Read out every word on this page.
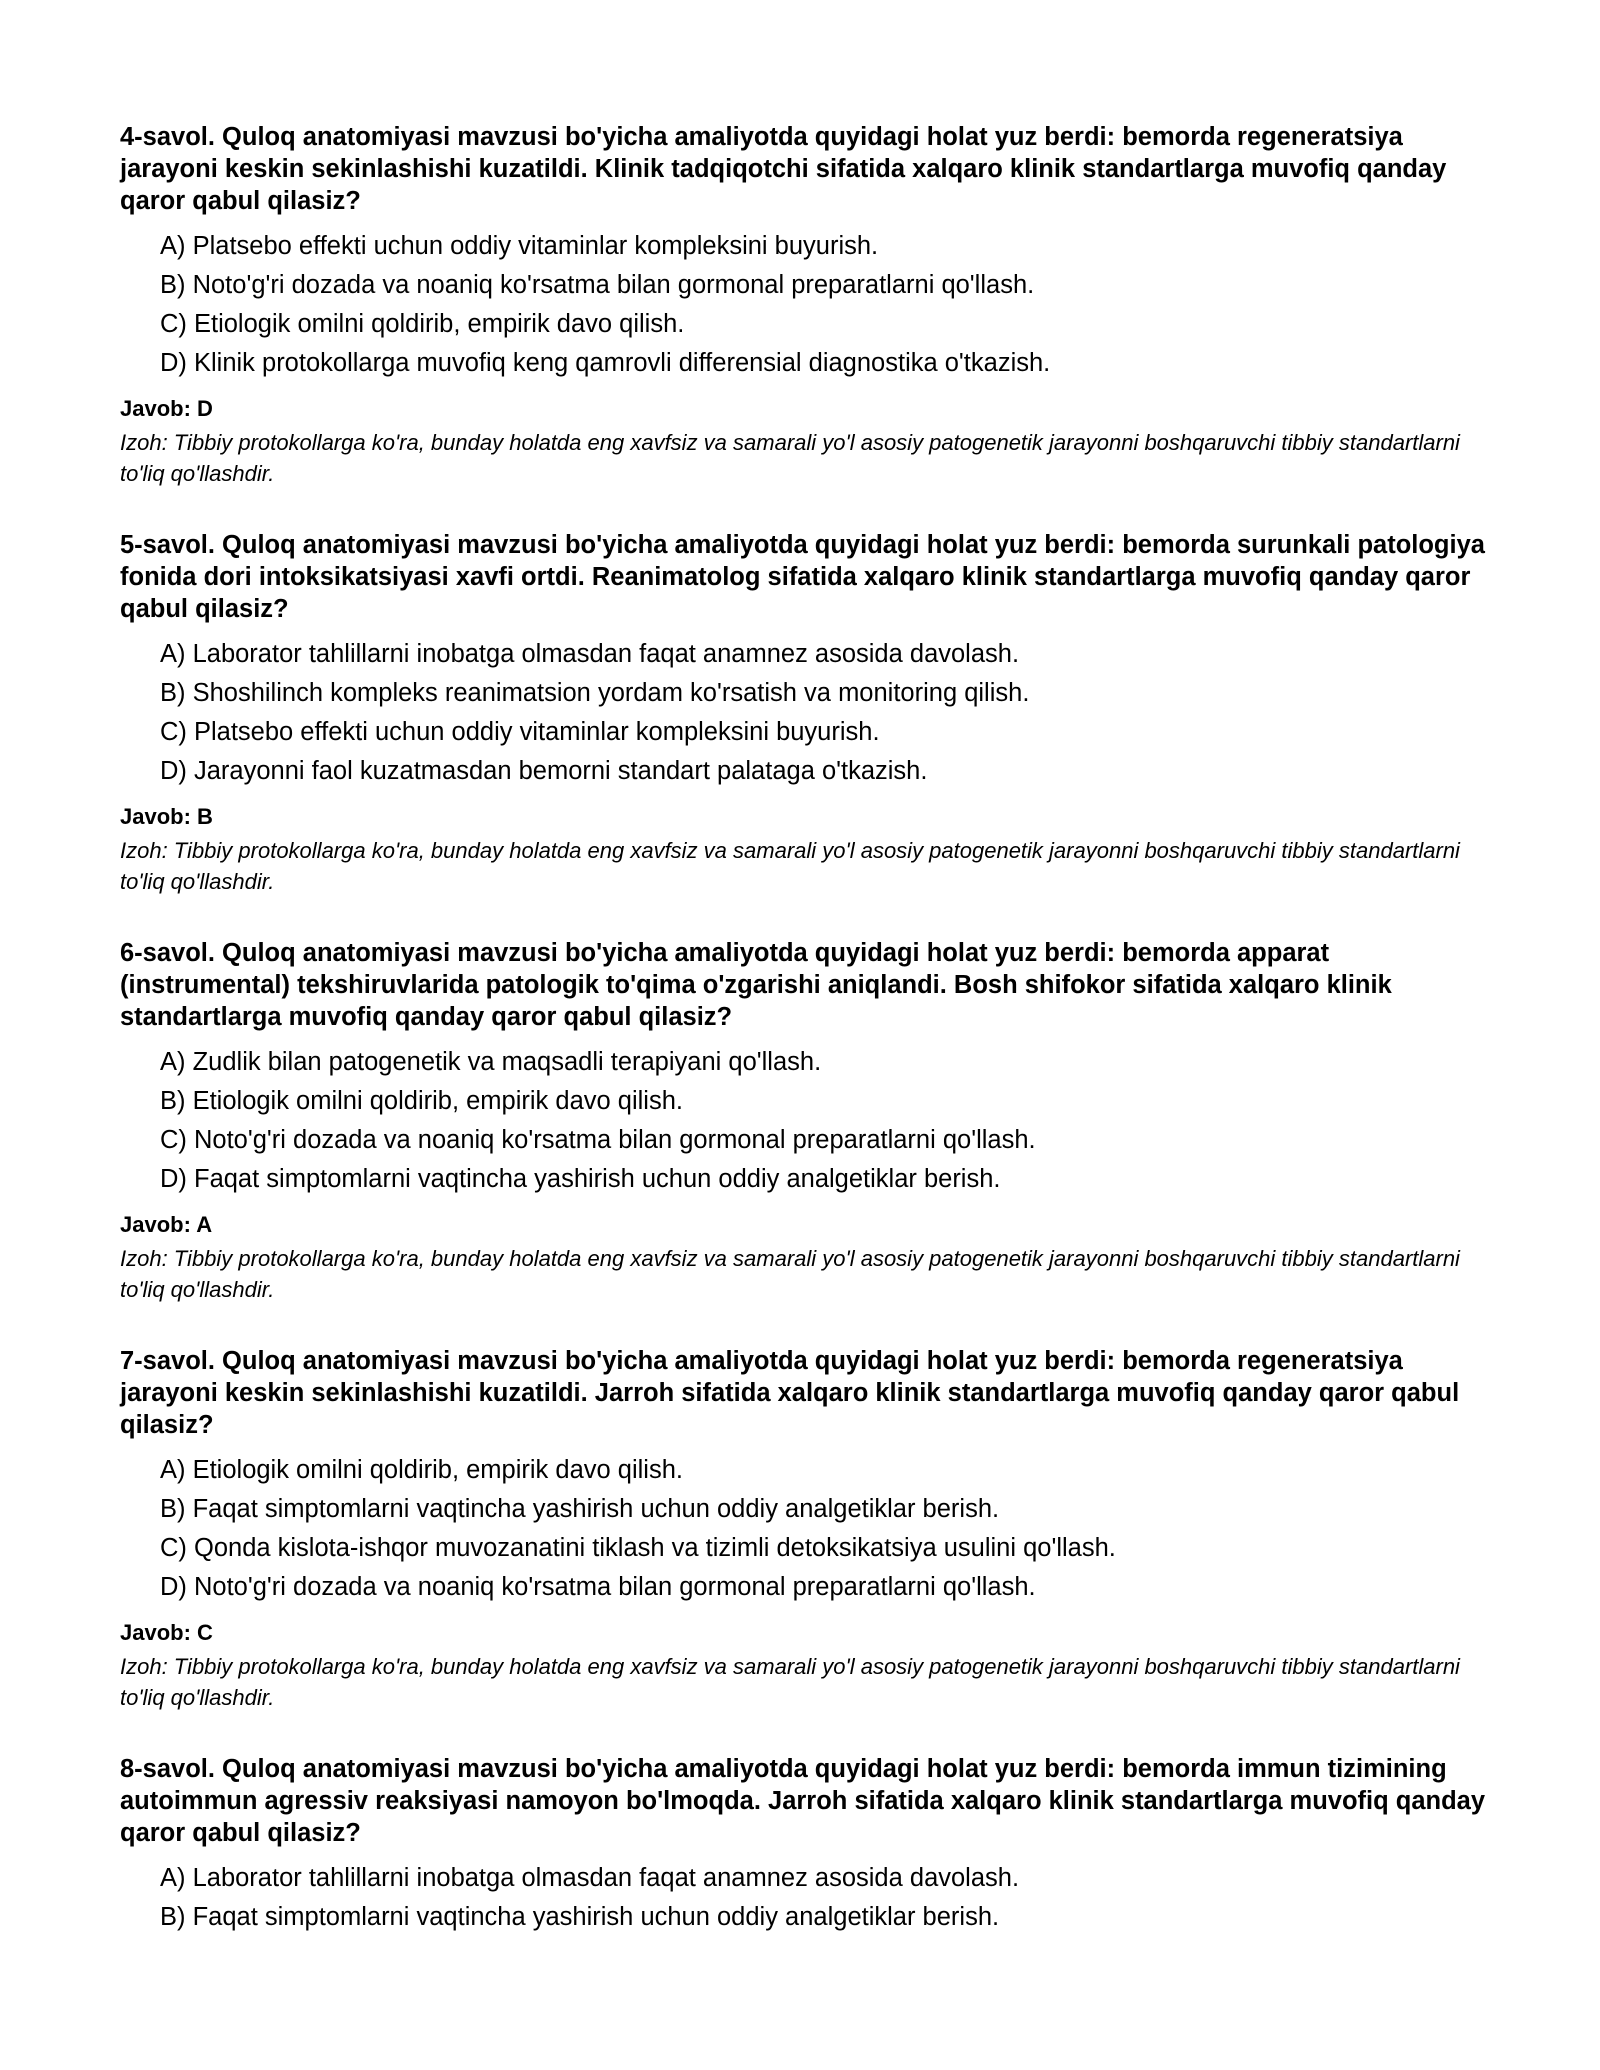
4-savol. Quloq anatomiyasi mavzusi bo'yicha amaliyotda quyidagi holat yuz berdi: bemorda regeneratsiya jarayoni keskin sekinlashishi kuzatildi. Klinik tadqiqotchi sifatida xalqaro klinik standartlarga muvofiq qanday qaror qabul qilasiz?

A) Platsebo effekti uchun oddiy vitaminlar kompleksini buyurish.
B) Noto'g'ri dozada va noaniq ko'rsatma bilan gormonal preparatlarni qo'llash.
C) Etiologik omilni qoldirib, empirik davo qilish.
D) Klinik protokollarga muvofiq keng qamrovli differensial diagnostika o'tkazish.

Javob: D

Izoh: Tibbiy protokollarga ko'ra, bunday holatda eng xavfsiz va samarali yo'l asosiy patogenetik jarayonni boshqaruvchi tibbiy standartlarni to'liq qo'llashdir.

5-savol. Quloq anatomiyasi mavzusi bo'yicha amaliyotda quyidagi holat yuz berdi: bemorda surunkali patologiya fonida dori intoksikatsiyasi xavfi ortdi. Reanimatolog sifatida xalqaro klinik standartlarga muvofiq qanday qaror qabul qilasiz?

A) Laborator tahlillarni inobatga olmasdan faqat anamnez asosida davolash.
B) Shoshilinch kompleks reanimatsion yordam ko'rsatish va monitoring qilish.
C) Platsebo effekti uchun oddiy vitaminlar kompleksini buyurish.
D) Jarayonni faol kuzatmasdan bemorni standart palataga o'tkazish.

Javob: B

Izoh: Tibbiy protokollarga ko'ra, bunday holatda eng xavfsiz va samarali yo'l asosiy patogenetik jarayonni boshqaruvchi tibbiy standartlarni to'liq qo'llashdir.

6-savol. Quloq anatomiyasi mavzusi bo'yicha amaliyotda quyidagi holat yuz berdi: bemorda apparat (instrumental) tekshiruvlarida patologik to'qima o'zgarishi aniqlandi. Bosh shifokor sifatida xalqaro klinik standartlarga muvofiq qanday qaror qabul qilasiz?

A) Zudlik bilan patogenetik va maqsadli terapiyani qo'llash.
B) Etiologik omilni qoldirib, empirik davo qilish.
C) Noto'g'ri dozada va noaniq ko'rsatma bilan gormonal preparatlarni qo'llash.
D) Faqat simptomlarni vaqtincha yashirish uchun oddiy analgetiklar berish.

Javob: A

Izoh: Tibbiy protokollarga ko'ra, bunday holatda eng xavfsiz va samarali yo'l asosiy patogenetik jarayonni boshqaruvchi tibbiy standartlarni to'liq qo'llashdir.

7-savol. Quloq anatomiyasi mavzusi bo'yicha amaliyotda quyidagi holat yuz berdi: bemorda regeneratsiya jarayoni keskin sekinlashishi kuzatildi. Jarroh sifatida xalqaro klinik standartlarga muvofiq qanday qaror qabul qilasiz?

A) Etiologik omilni qoldirib, empirik davo qilish.
B) Faqat simptomlarni vaqtincha yashirish uchun oddiy analgetiklar berish.
C) Qonda kislota-ishqor muvozanatini tiklash va tizimli detoksikatsiya usulini qo'llash.
D) Noto'g'ri dozada va noaniq ko'rsatma bilan gormonal preparatlarni qo'llash.

Javob: C

Izoh: Tibbiy protokollarga ko'ra, bunday holatda eng xavfsiz va samarali yo'l asosiy patogenetik jarayonni boshqaruvchi tibbiy standartlarni to'liq qo'llashdir.

8-savol. Quloq anatomiyasi mavzusi bo'yicha amaliyotda quyidagi holat yuz berdi: bemorda immun tizimining autoimmun agressiv reaksiyasi namoyon bo'lmoqda. Jarroh sifatida xalqaro klinik standartlarga muvofiq qanday qaror qabul qilasiz?

A) Laborator tahlillarni inobatga olmasdan faqat anamnez asosida davolash.
B) Faqat simptomlarni vaqtincha yashirish uchun oddiy analgetiklar berish.
